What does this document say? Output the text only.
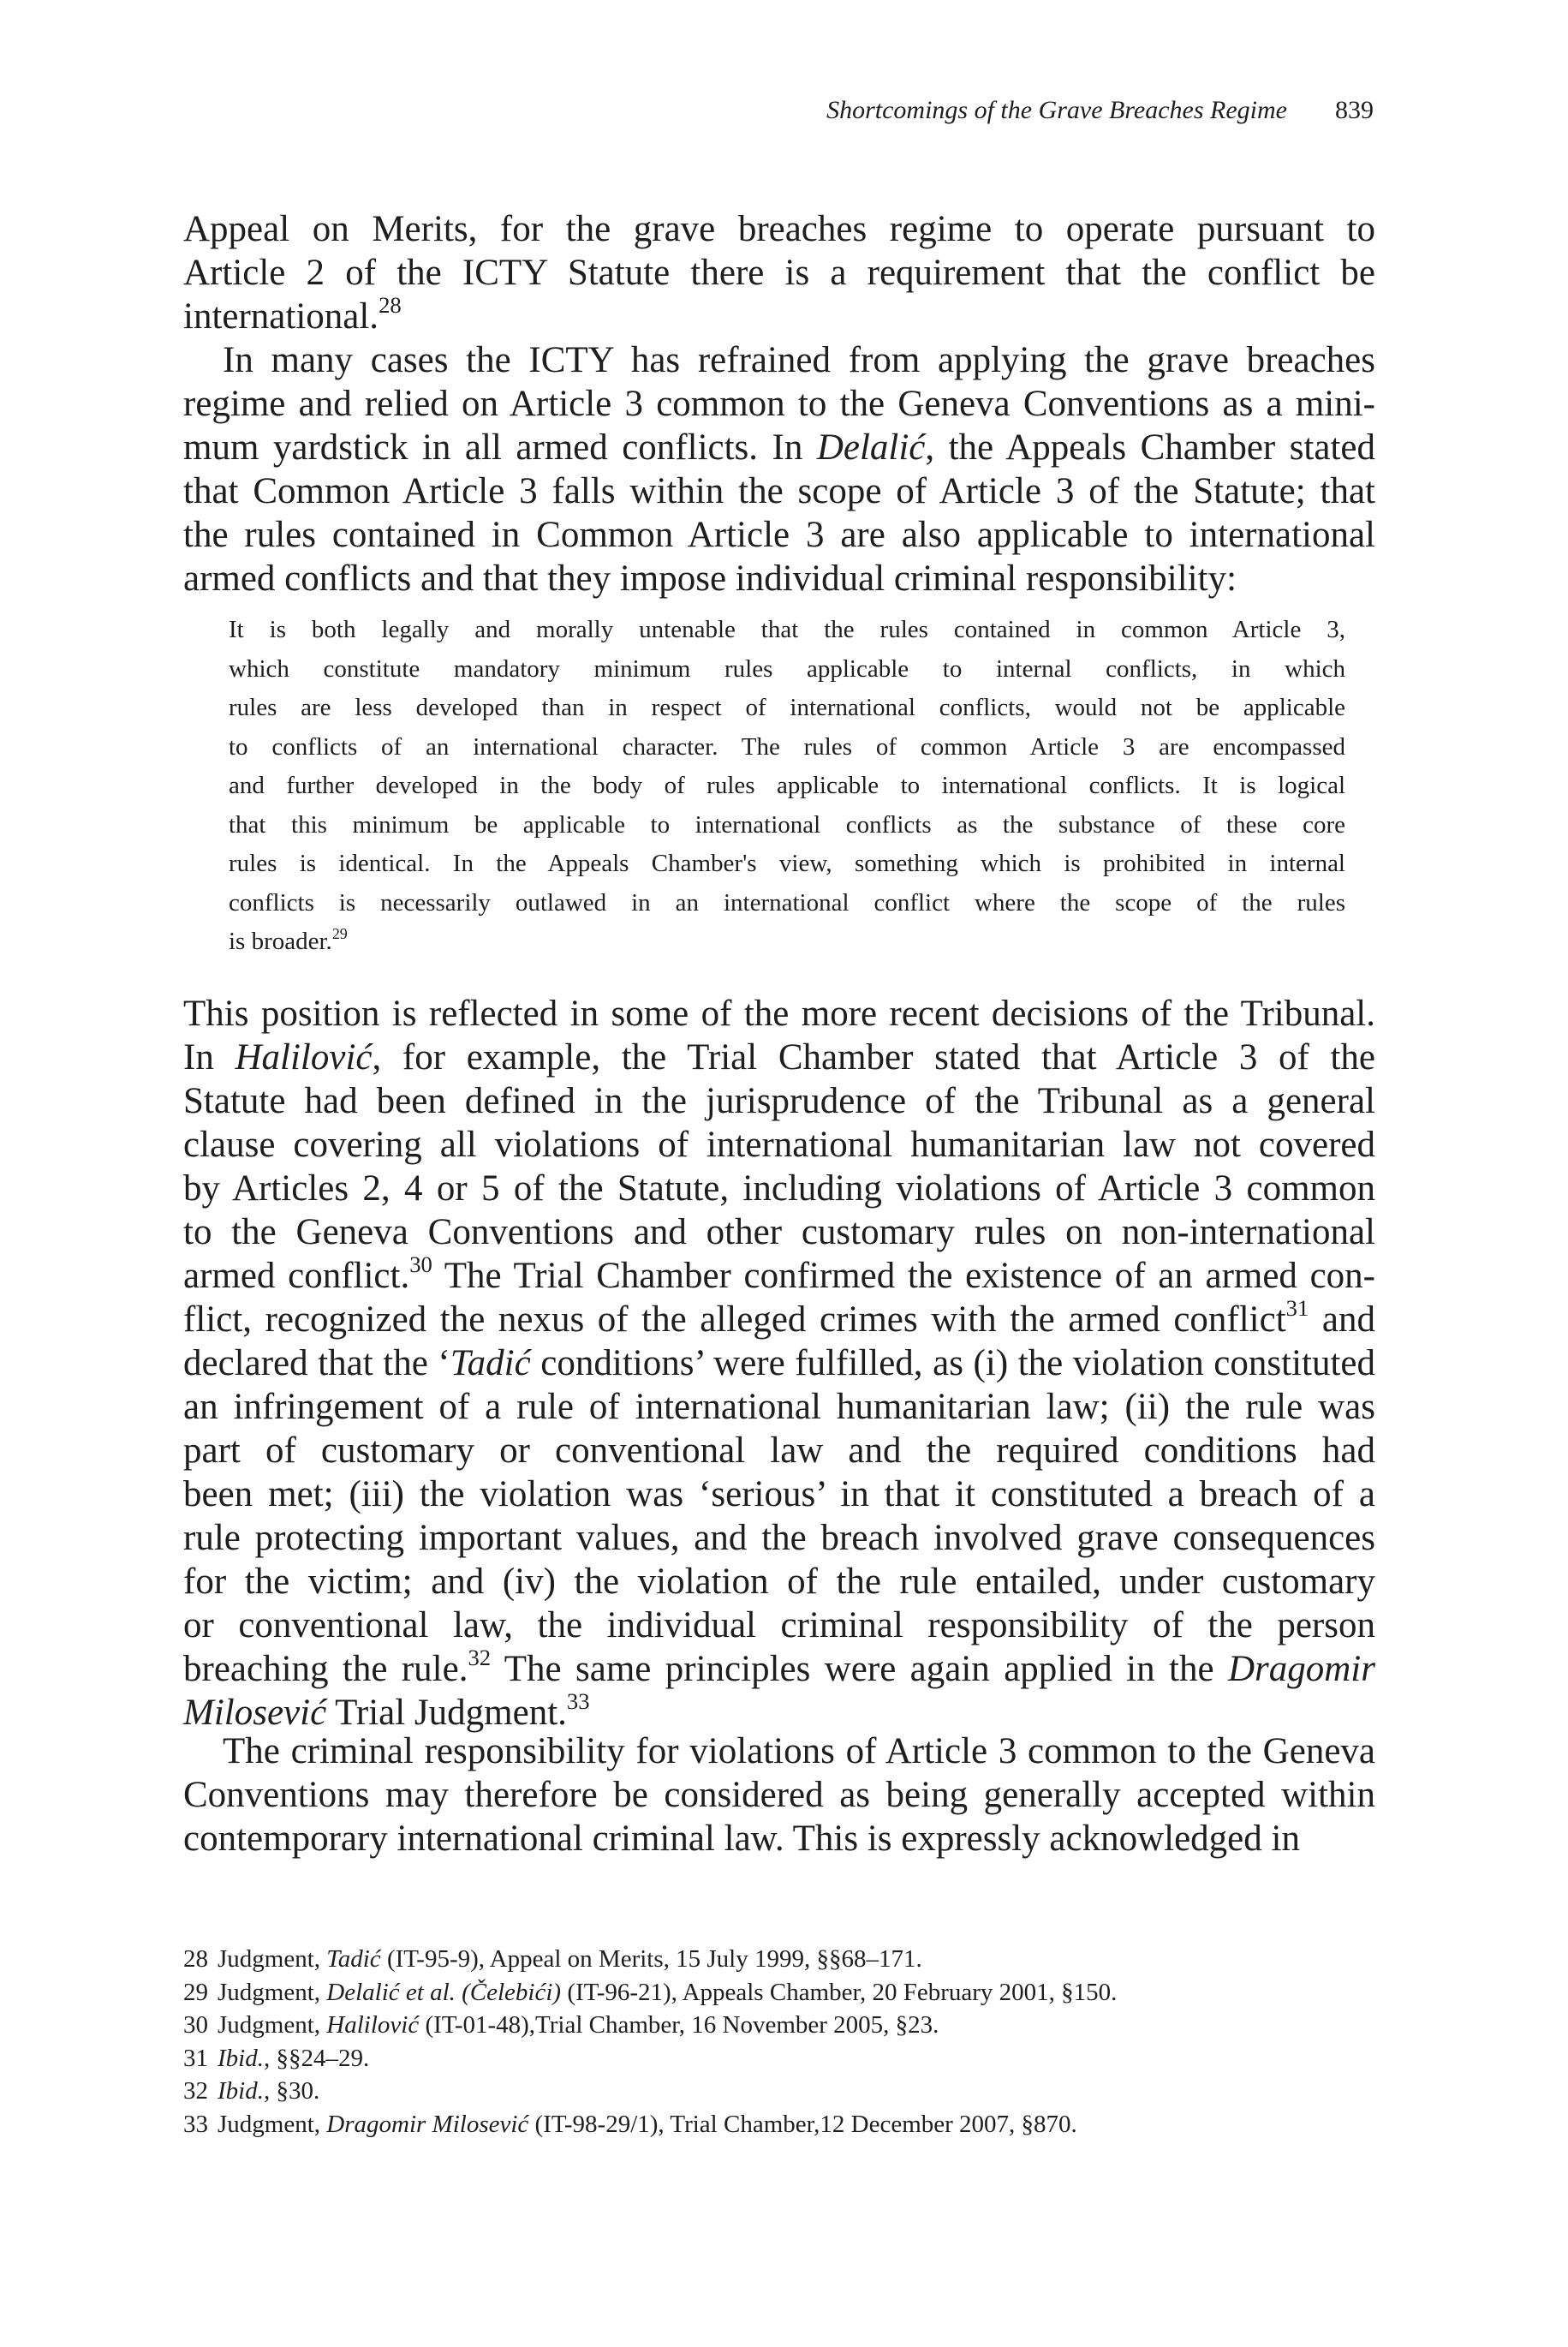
Shortcomings of the Grave Breaches Regime 839
Appeal on Merits, for the grave breaches regime to operate pursuant to
Article 2 of the ICTY Statute there is a requirement that the conflict be
international.$^{28}$
In many cases the ICTY has refrained from applying the grave breaches
regime and relied on Article 3 common to the Geneva Conventions as a mini-
mum yardstick in all armed conflicts. In Delalić, the Appeals Chamber stated
that Common Article 3 falls within the scope of Article 3 of the Statute; that
the rules contained in Common Article 3 are also applicable to international
armed conflicts and that they impose individual criminal responsibility:
It is both legally and morally untenable that the rules contained in common Article 3,
which constitute mandatory minimum rules applicable to internal conflicts, in which
rules are less developed than in respect of international conflicts, would not be applicable
to conflicts of an international character. The rules of common Article 3 are encompassed
and further developed in the body of rules applicable to international conflicts. It is logical
that this minimum be applicable to international conflicts as the substance of these core
rules is identical. In the Appeals Chamber's view, something which is prohibited in internal
conflicts is necessarily outlawed in an international conflict where the scope of the rules
is broader.$^{29}$
This position is reflected in some of the more recent decisions of the Tribunal.
In Halilović, for example, the Trial Chamber stated that Article 3 of the
Statute had been defined in the jurisprudence of the Tribunal as a general
clause covering all violations of international humanitarian law not covered
by Articles 2, 4 or 5 of the Statute, including violations of Article 3 common
to the Geneva Conventions and other customary rules on non-international
armed conflict.$^{30}$ The Trial Chamber confirmed the existence of an armed con-
flict, recognized the nexus of the alleged crimes with the armed conflict$^{31}$ and
declared that the ‘Tadić conditions’ were fulfilled, as (i) the violation constituted
an infringement of a rule of international humanitarian law; (ii) the rule was
part of customary or conventional law and the required conditions had
been met; (iii) the violation was ‘serious’ in that it constituted a breach of a
rule protecting important values, and the breach involved grave consequences
for the victim; and (iv) the violation of the rule entailed, under customary
or conventional law, the individual criminal responsibility of the person
breaching the rule.$^{32}$ The same principles were again applied in the Dragomir
Milosević Trial Judgment.$^{33}$
The criminal responsibility for violations of Article 3 common to the Geneva
Conventions may therefore be considered as being generally accepted within
contemporary international criminal law. This is expressly acknowledged in
28 Judgment, Tadić (IT-95-9), Appeal on Merits, 15 July 1999, §§68–171.
29 Judgment, Delalić et al. (Čelebići) (IT-96-21), Appeals Chamber, 20 February 2001, §150.
30 Judgment, Halilović (IT-01-48),Trial Chamber, 16 November 2005, §23.
31 Ibid., §§24–29.
32 Ibid., §30.
33 Judgment, Dragomir Milosević (IT-98-29/1), Trial Chamber,12 December 2007, §870.
